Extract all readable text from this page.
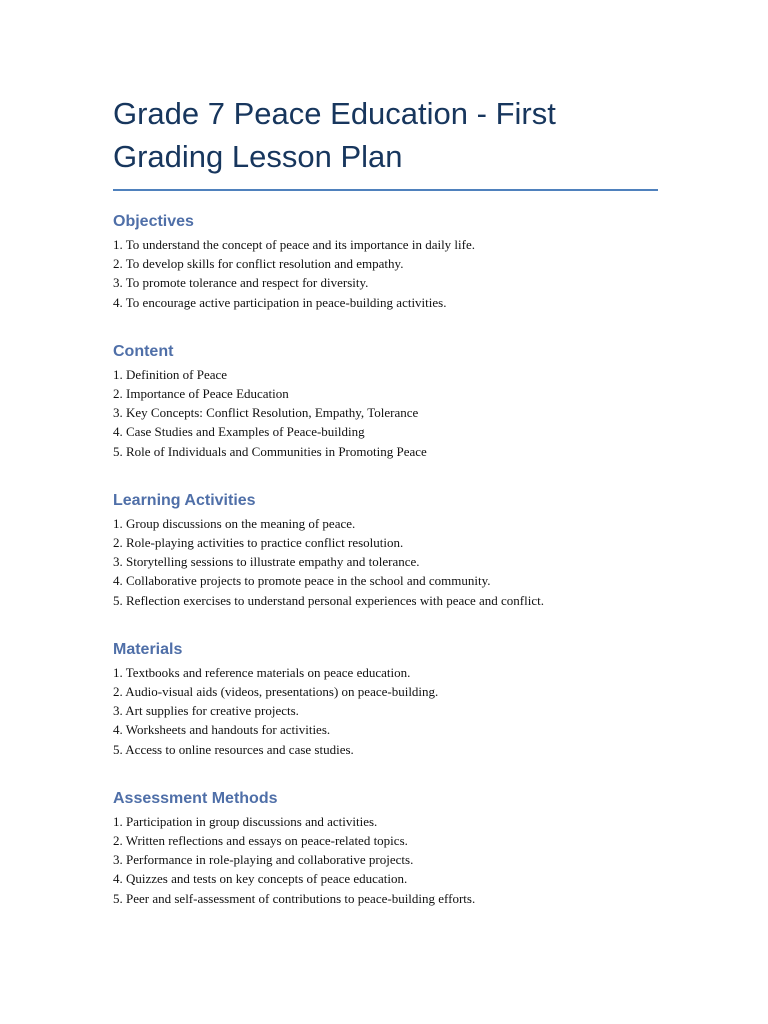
Grade 7 Peace Education - First Grading Lesson Plan
Objectives
1. To understand the concept of peace and its importance in daily life.
2. To develop skills for conflict resolution and empathy.
3. To promote tolerance and respect for diversity.
4. To encourage active participation in peace-building activities.
Content
1. Definition of Peace
2. Importance of Peace Education
3. Key Concepts: Conflict Resolution, Empathy, Tolerance
4. Case Studies and Examples of Peace-building
5. Role of Individuals and Communities in Promoting Peace
Learning Activities
1. Group discussions on the meaning of peace.
2. Role-playing activities to practice conflict resolution.
3. Storytelling sessions to illustrate empathy and tolerance.
4. Collaborative projects to promote peace in the school and community.
5. Reflection exercises to understand personal experiences with peace and conflict.
Materials
1. Textbooks and reference materials on peace education.
2. Audio-visual aids (videos, presentations) on peace-building.
3. Art supplies for creative projects.
4. Worksheets and handouts for activities.
5. Access to online resources and case studies.
Assessment Methods
1. Participation in group discussions and activities.
2. Written reflections and essays on peace-related topics.
3. Performance in role-playing and collaborative projects.
4. Quizzes and tests on key concepts of peace education.
5. Peer and self-assessment of contributions to peace-building efforts.
